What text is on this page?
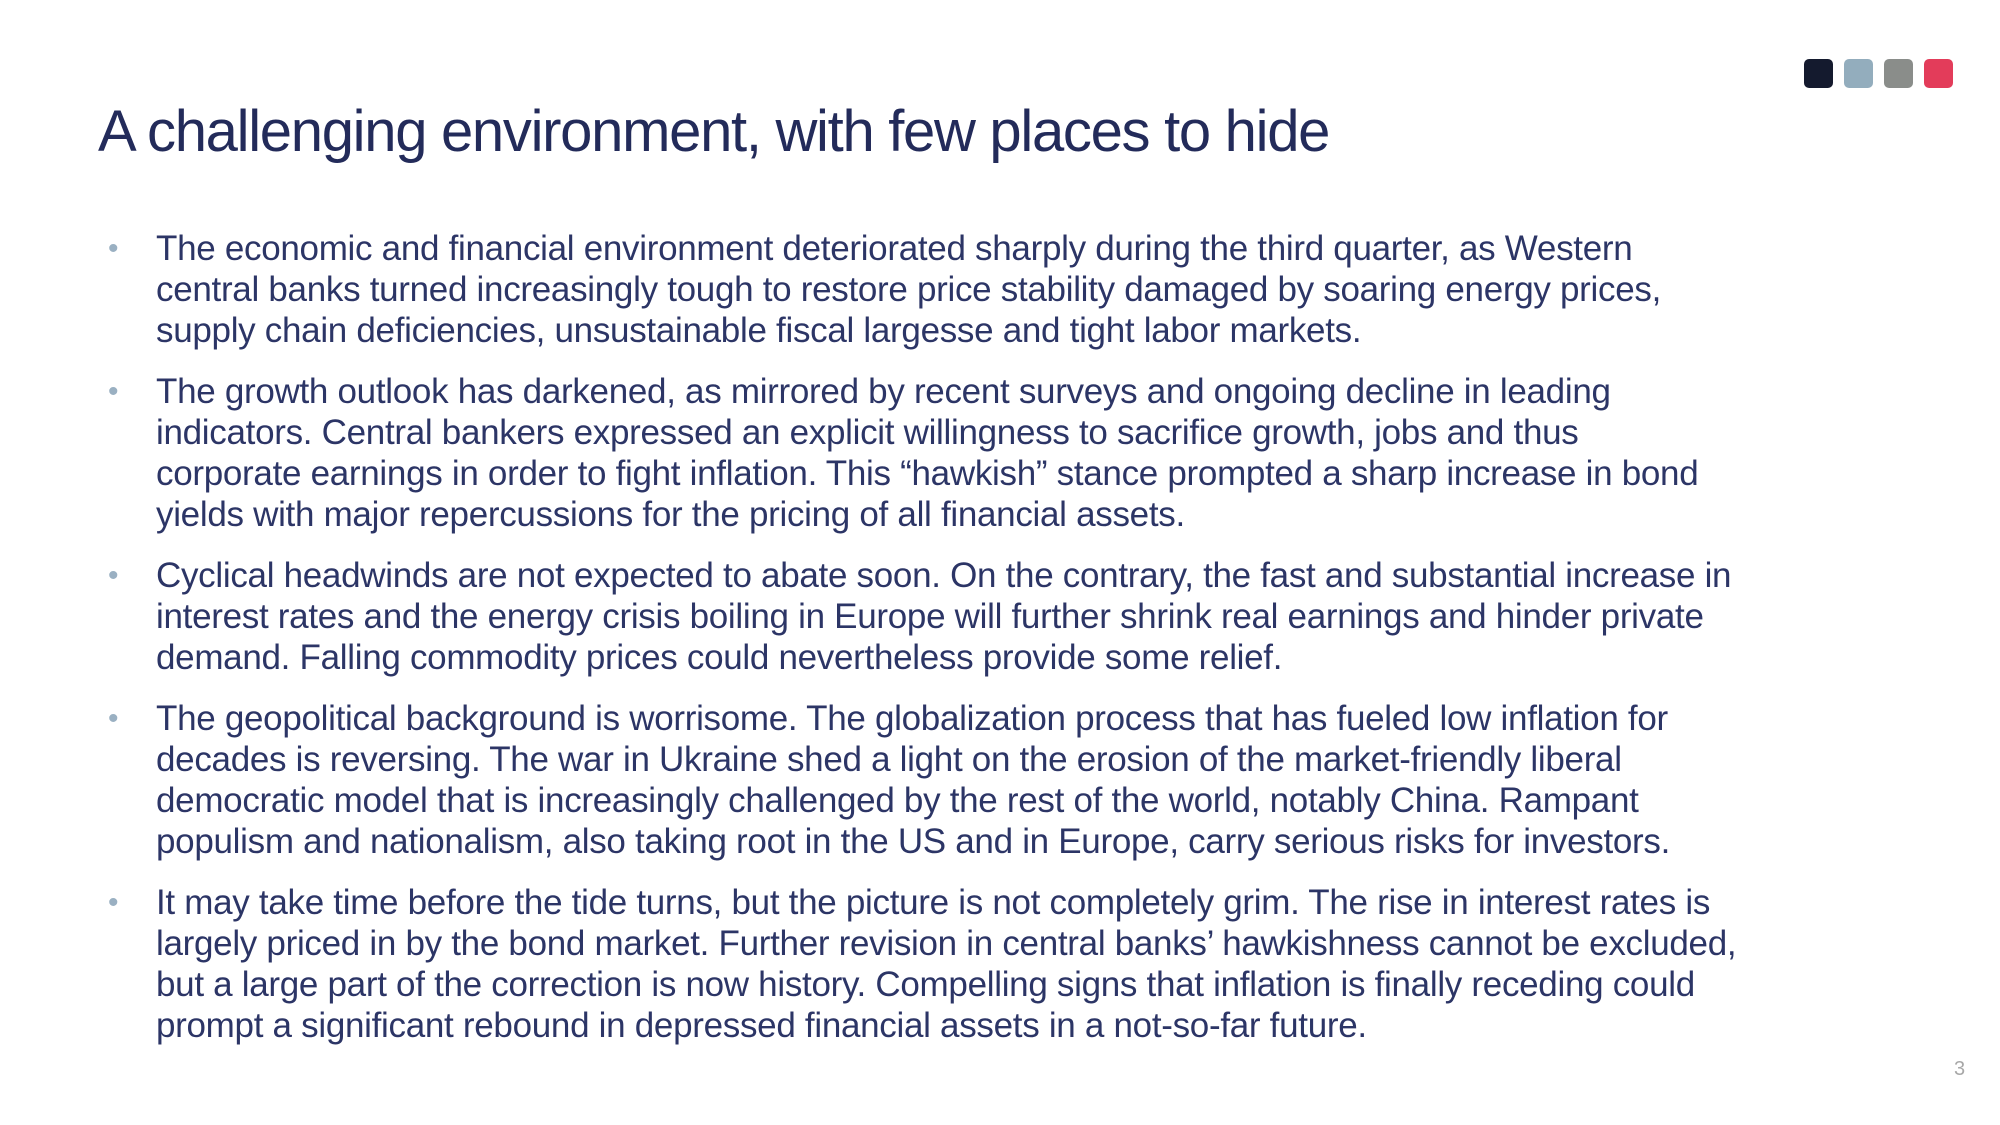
A challenging environment, with few places to hide
• The economic and financial environment deteriorated sharply during the third quarter, as Western
central banks turned increasingly tough to restore price stability damaged by soaring energy prices,
supply chain deficiencies, unsustainable fiscal largesse and tight labor markets.
• The growth outlook has darkened, as mirrored by recent surveys and ongoing decline in leading
indicators. Central bankers expressed an explicit willingness to sacrifice growth, jobs and thus
corporate earnings in order to fight inflation. This “hawkish” stance prompted a sharp increase in bond
yields with major repercussions for the pricing of all financial assets.
• Cyclical headwinds are not expected to abate soon. On the contrary, the fast and substantial increase in
interest rates and the energy crisis boiling in Europe will further shrink real earnings and hinder private
demand. Falling commodity prices could nevertheless provide some relief.
• The geopolitical background is worrisome. The globalization process that has fueled low inflation for
decades is reversing. The war in Ukraine shed a light on the erosion of the market-friendly liberal
democratic model that is increasingly challenged by the rest of the world, notably China. Rampant
populism and nationalism, also taking root in the US and in Europe, carry serious risks for investors.
• It may take time before the tide turns, but the picture is not completely grim. The rise in interest rates is
largely priced in by the bond market. Further revision in central banks’ hawkishness cannot be excluded,
but a large part of the correction is now history. Compelling signs that inflation is finally receding could
prompt a significant rebound in depressed financial assets in a not-so-far future.
3
